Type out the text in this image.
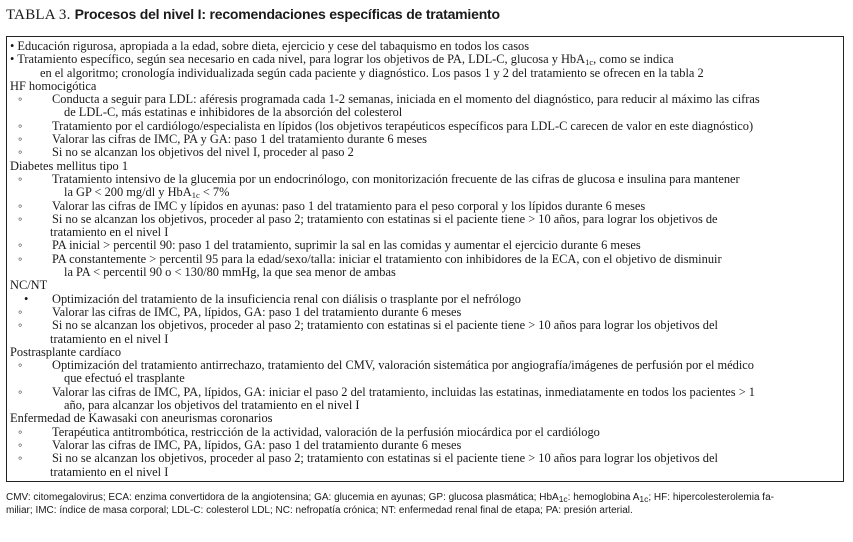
TABLA 3. Procesos del nivel I: recomendaciones específicas de tratamiento
• Educación rigurosa, apropiada a la edad, sobre dieta, ejercicio y cese del tabaquismo en todos los casos
• Tratamiento específico, según sea necesario en cada nivel, para lograr los objetivos de PA, LDL-C, glucosa y HbA$_{1c}$, como se indica
en el algoritmo; cronología individualizada según cada paciente y diagnóstico. Los pasos 1 y 2 del tratamiento se ofrecen en la tabla 2
HF homocigótica
◦ Conducta a seguir para LDL: aféresis programada cada 1-2 semanas, iniciada en el momento del diagnóstico, para reducir al máximo las cifras
de LDL-C, más estatinas e inhibidores de la absorción del colesterol
◦ Tratamiento por el cardiólogo/especialista en lípidos (los objetivos terapéuticos específicos para LDL-C carecen de valor en este diagnóstico)
◦ Valorar las cifras de IMC, PA y GA: paso 1 del tratamiento durante 6 meses
◦ Si no se alcanzan los objetivos del nivel I, proceder al paso 2
Diabetes mellitus tipo 1
◦ Tratamiento intensivo de la glucemia por un endocrinólogo, con monitorización frecuente de las cifras de glucosa e insulina para mantener
la GP < 200 mg/dl y HbA$_{1c}$ < 7%
◦ Valorar las cifras de IMC y lípidos en ayunas: paso 1 del tratamiento para el peso corporal y los lípidos durante 6 meses
◦ Si no se alcanzan los objetivos, proceder al paso 2; tratamiento con estatinas si el paciente tiene > 10 años, para lograr los objetivos de
tratamiento en el nivel I
◦ PA inicial > percentil 90: paso 1 del tratamiento, suprimir la sal en las comidas y aumentar el ejercicio durante 6 meses
◦ PA constantemente > percentil 95 para la edad/sexo/talla: iniciar el tratamiento con inhibidores de la ECA, con el objetivo de disminuir
la PA < percentil 90 o < 130/80 mmHg, la que sea menor de ambas
NC/NT
• Optimización del tratamiento de la insuficiencia renal con diálisis o trasplante por el nefrólogo
◦ Valorar las cifras de IMC, PA, lípidos, GA: paso 1 del tratamiento durante 6 meses
◦ Si no se alcanzan los objetivos, proceder al paso 2; tratamiento con estatinas si el paciente tiene > 10 años para lograr los objetivos del
tratamiento en el nivel I
Postrasplante cardíaco
◦ Optimización del tratamiento antirrechazo, tratamiento del CMV, valoración sistemática por angiografía/imágenes de perfusión por el médico
que efectuó el trasplante
◦ Valorar las cifras de IMC, PA, lípidos, GA: iniciar el paso 2 del tratamiento, incluidas las estatinas, inmediatamente en todos los pacientes > 1
año, para alcanzar los objetivos del tratamiento en el nivel I
Enfermedad de Kawasaki con aneurismas coronarios
◦ Terapéutica antitrombótica, restricción de la actividad, valoración de la perfusión miocárdica por el cardiólogo
◦ Valorar las cifras de IMC, PA, lípidos, GA: paso 1 del tratamiento durante 6 meses
◦ Si no se alcanzan los objetivos, proceder al paso 2; tratamiento con estatinas si el paciente tiene > 10 años para lograr los objetivos del
tratamiento en el nivel I
CMV: citomegalovirus; ECA: enzima convertidora de la angiotensina; GA: glucemia en ayunas; GP: glucosa plasmática; HbA$_{1c}$: hemoglobina $A_{1c}$; HF: hipercolesterolemia fa-
miliar; IMC: índice de masa corporal; LDL-C: colesterol LDL; NC: nefropatía crónica; NT: enfermedad renal final de etapa; PA: presión arterial.
